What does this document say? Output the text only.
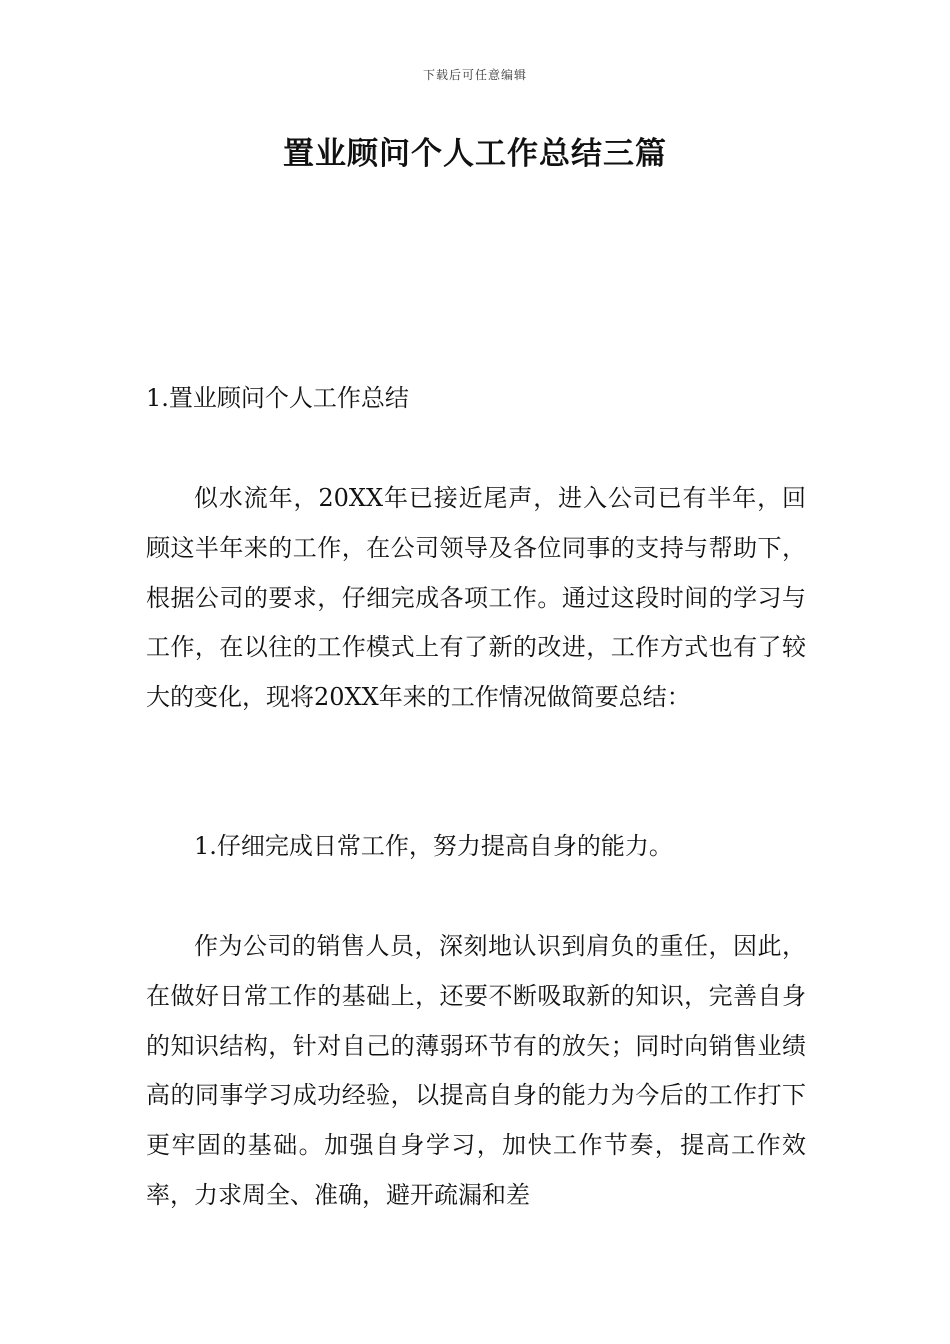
下载后可任意编辑
置业顾问个人工作总结三篇

1.置业顾问个人工作总结

似水流年，20XX年已接近尾声，进入公司已有半年，回顾这半年来的工作，在公司领导及各位同事的支持与帮助下，根据公司的要求，仔细完成各项工作。通过这段时间的学习与工作，在以往的工作模式上有了新的改进，工作方式也有了较大的变化，现将20XX年来的工作情况做简要总结：

1.仔细完成日常工作，努力提高自身的能力。

作为公司的销售人员，深刻地认识到肩负的重任，因此，在做好日常工作的基础上，还要不断吸取新的知识，完善自身的知识结构，针对自己的薄弱环节有的放矢；同时向销售业绩高的同事学习成功经验，以提高自身的能力为今后的工作打下更牢固的基础。加强自身学习，加快工作节奏，提高工作效率，力求周全、准确，避开疏漏和差
